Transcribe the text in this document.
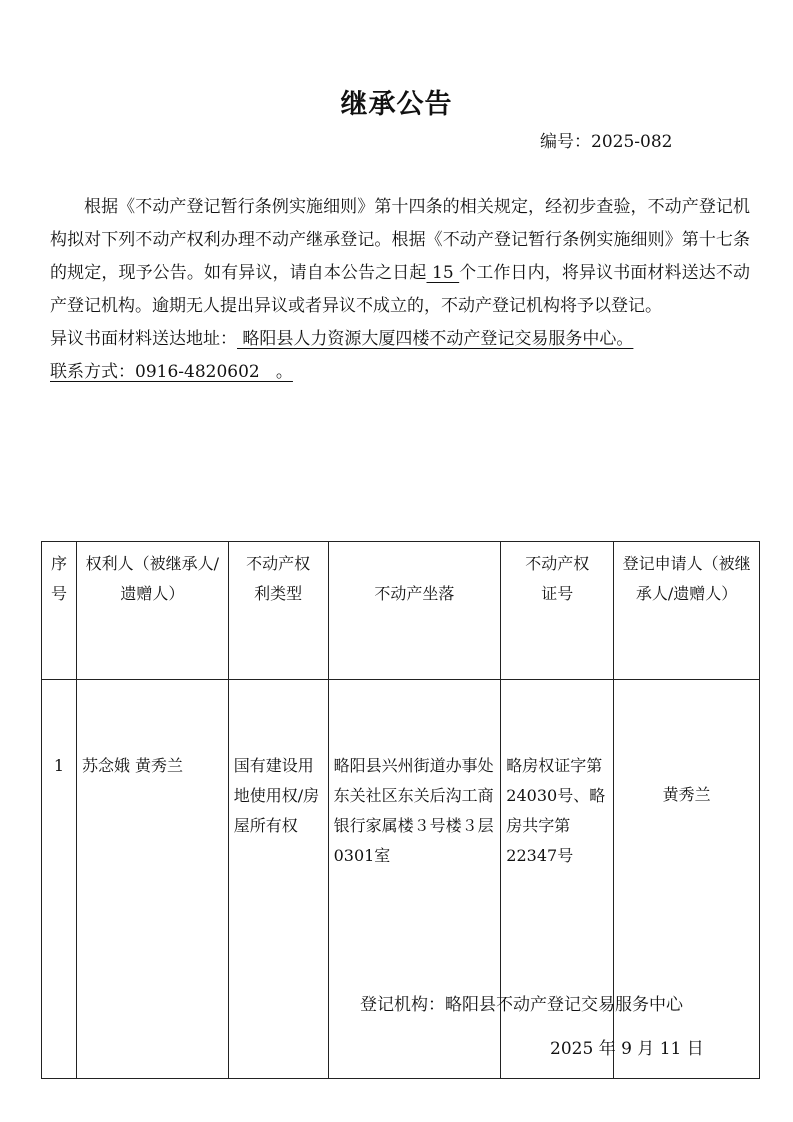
继承公告
编号：2025-082

根据《不动产登记暂行条例实施细则》第十四条的相关规定，经初步查验，不动产登记机构拟对下列不动产权利办理不动产继承登记。根据《不动产登记暂行条例实施细则》第十七条的规定，现予公告。如有异议，请自本公告之日起 15 个工作日内，将异议书面材料送达不动产登记机构。逾期无人提出异议或者异议不成立的，不动产登记机构将予以登记。

异议书面材料送达地址： 略阳县人力资源大厦四楼不动产登记交易服务中心。

联系方式：0916-4820602   。

序号	权利人（被继承人/遗赠人）	不动产权利类型	不动产坐落	不动产权证号	登记申请人（被继承人/遗赠人）
1	苏念娥 黄秀兰	国有建设用地使用权/房屋所有权	略阳县兴州街道办事处东关社区东关后沟工商银行家属楼３号楼３层0301室	略房权证字第24030号、略房共字第22347号	黄秀兰
登记机构：略阳县不动产登记交易服务中心
2025 年 9 月 11 日
